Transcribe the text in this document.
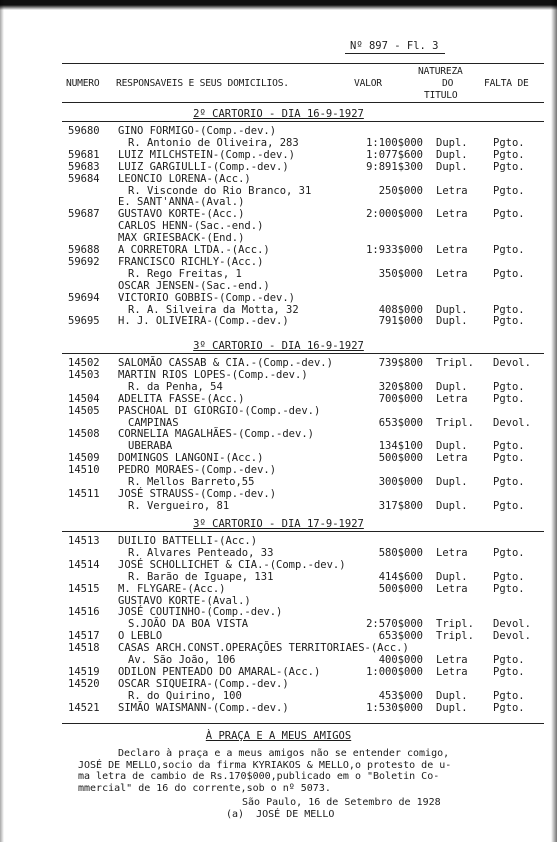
Nº 897 - Fl. 3
NUMERO RESPONSAVEIS E SEUS DOMICILIOS.	VALOR
NATUREZA
DO
TITULO
FALTA DE
2º CARTORIO - DIA 16-9-1927
59680 GINO FORMIGO-(Comp.-dev.)
R. Antonio de Oliveira, 283	1:100$000 Dupl. Pgto.
59681 LUIZ MILCHSTEIN-(Comp.-dev.)	1:077$600 Dupl. Pgto.
59683 LUIZ GARGIULLI-(Comp.-dev.)	9:891$300 Dupl. Pgto.
59684 LEONCIO LORENA-(Acc.)
R. Visconde do Rio Branco, 31	250$000 Letra Pgto.
E. SANT'ANNA-(Aval.)
59687 GUSTAVO KORTE-(Acc.)	2:000$000 Letra Pgto.
CARLOS HENN-(Sac.-end.)
MAX GRIESBACK-(End.)
59688 A CORRETORA LTDA.-(Acc.)	1:933$000 Letra Pgto.
59692 FRANCISCO RICHLY-(Acc.)
R. Rego Freitas, 1	350$000 Letra Pgto.
OSCAR JENSEN-(Sac.-end.)
59694 VICTORIO GOBBIS-(Comp.-dev.)
R. A. Silveira da Motta, 32	408$000 Dupl. Pgto.
59695 H. J. OLIVEIRA-(Comp.-dev.)	791$000 Dupl. Pgto.
3º CARTORIO - DIA 16-9-1927
14502 SALOMÃO CASSAB & CIA.-(Comp.-dev.)	739$800 Tripl. Devol.
14503 MARTIN RIOS LOPES-(Comp.-dev.)
R. da Penha, 54	320$800 Dupl. Pgto.
14504 ADELITA FASSE-(Acc.)	700$000 Letra Pgto.
14505 PASCHOAL DI GIORGIO-(Comp.-dev.)
CAMPINAS	653$000 Tripl. Devol.
14508 CORNELIA MAGALHÃES-(Comp.-dev.)
UBERABA	134$100 Dupl. Pgto.
14509 DOMINGOS LANGONI-(Acc.)	500$000 Letra Pgto.
14510 PEDRO MORAES-(Comp.-dev.)
R. Mellos Barreto,55	300$000 Dupl. Pgto.
14511 JOSÉ STRAUSS-(Comp.-dev.)
R. Vergueiro, 81	317$800 Dupl. Pgto.
3º CARTORIO - DIA 17-9-1927
14513 DUILIO BATTELLI-(Acc.)
R. Alvares Penteado, 33	580$000 Letra Pgto.
14514 JOSÉ SCHOLLICHET & CIA.-(Comp.-dev.)
R. Barão de Iguape, 131	414$600 Dupl. Pgto.
14515 M. FLYGARE-(Acc.)	500$000 Letra Pgto.
GUSTAVO KORTE-(Aval.)
14516 JOSÉ COUTINHO-(Comp.-dev.)
S.JOÃO DA BOA VISTA	2:570$000 Tripl. Devol.
14517 O LEBLO	653$000 Tripl. Devol.
14518 CASAS ARCH.CONST.OPERAÇÕES TERRITORIAES-(Acc.)
Av. São João, 106	400$000 Letra Pgto.
14519 ODILON PENTEADO DO AMARAL-(Acc.)	1:000$000 Letra Pgto.
14520 OSCAR SIQUEIRA-(Comp.-dev.)
R. do Quirino, 100	453$000 Dupl. Pgto.
14521 SIMÃO WAISMANN-(Comp.-dev.)	1:530$000 Dupl. Pgto.
À PRAÇA E A MEUS AMIGOS
Declaro à praça e a meus amigos não se entender comigo,
JOSÉ DE MELLO,socio da firma KYRIAKOS & MELLO,o protesto de u-
ma letra de cambio de Rs.170$000,publicado em o "Boletin Co-
mmercial" de 16 do corrente,sob o nº 5073.
São Paulo, 16 de Setembro de 1928
(a)  JOSÉ DE MELLO
